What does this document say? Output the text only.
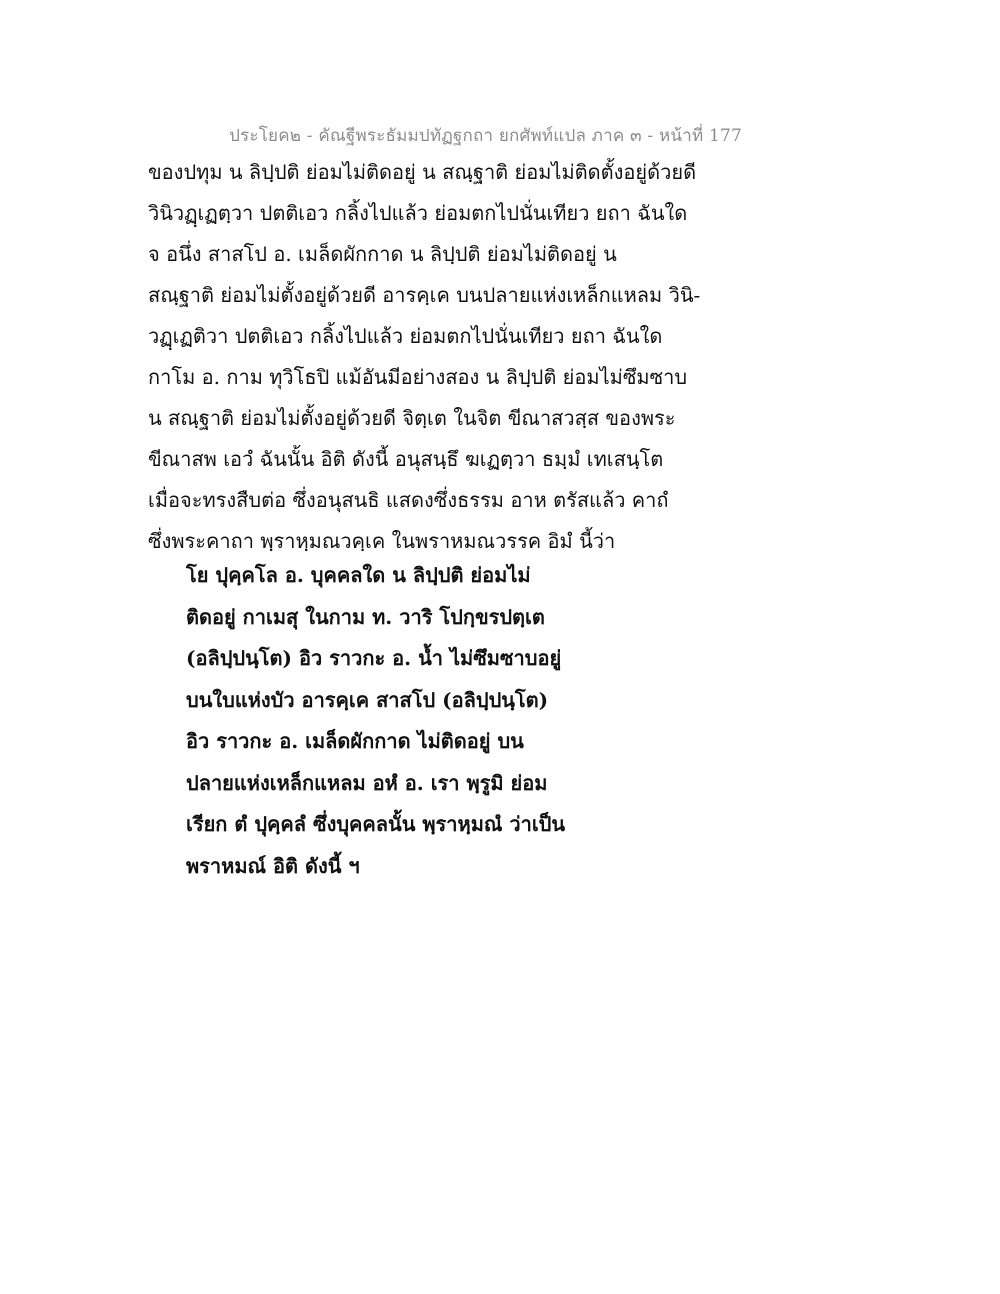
ประโยค๒ - คัณฐีพระธัมมปทัฏฐกถา ยกศัพท์แปล ภาค ๓ - หน้าที่ 177
ของปทุม น ลิปฺปติ ย่อมไม่ติดอยู่ น สณฺฐาติ ย่อมไม่ติดตั้งอยู่ด้วยดี
วินิวฏฺเฏตฺวา ปตติเอว กลิ้งไปแล้ว ย่อมตกไปนั่นเทียว ยถา ฉันใด
จ อนึ่ง สาสโป อ. เมล็ดผักกาด น ลิปฺปติ ย่อมไม่ติดอยู่ น
สณฺฐาติ ย่อมไม่ตั้งอยู่ด้วยดี อารคฺเค บนปลายแห่งเหล็กแหลม วินิ-
วฏฺเฏติวา ปตติเอว กลิ้งไปแล้ว ย่อมตกไปนั่นเทียว ยถา ฉันใด
กาโม อ. กาม ทุวิโธปิ แม้อันมีอย่างสอง น ลิปฺปติ ย่อมไม่ซึมซาบ
น สณฺฐาติ ย่อมไม่ตั้งอยู่ด้วยดี จิตฺเต ในจิต ขีณาสวสฺส ของพระ
ขีณาสพ เอวํ ฉันนั้น อิติ ดังนี้ อนุสนฺธึ ฆเฏตฺวา ธมฺมํ เทเสนฺโต
เมื่อจะทรงสืบต่อ ซึ่งอนุสนธิ แสดงซึ่งธรรม อาห ตรัสแล้ว คาถํ
ซึ่งพระคาถา พฺราหฺมณวคฺเค ในพราหมณวรรค อิมํ นี้ว่า
โย ปุคฺคโล อ. บุคคลใด น ลิปฺปติ ย่อมไม่
ติดอยู่ กาเมสุ ในกาม ท. วาริ โปกฺขรปตฺเต
(อลิปฺปนฺโต) อิว ราวกะ อ. น้ำ ไม่ซึมซาบอยู่
บนใบแห่งบัว อารคฺเค สาสโป (อลิปฺปนฺโต)
อิว ราวกะ อ. เมล็ดผักกาด ไม่ติดอยู่ บน
ปลายแห่งเหล็กแหลม อหํ อ. เรา พฺรูมิ ย่อม
เรียก ตํ ปุคฺคลํ ซึ่งบุคคลนั้น พฺราหฺมณํ ว่าเป็น
พราหมณ์ อิติ ดังนี้ ฯ
